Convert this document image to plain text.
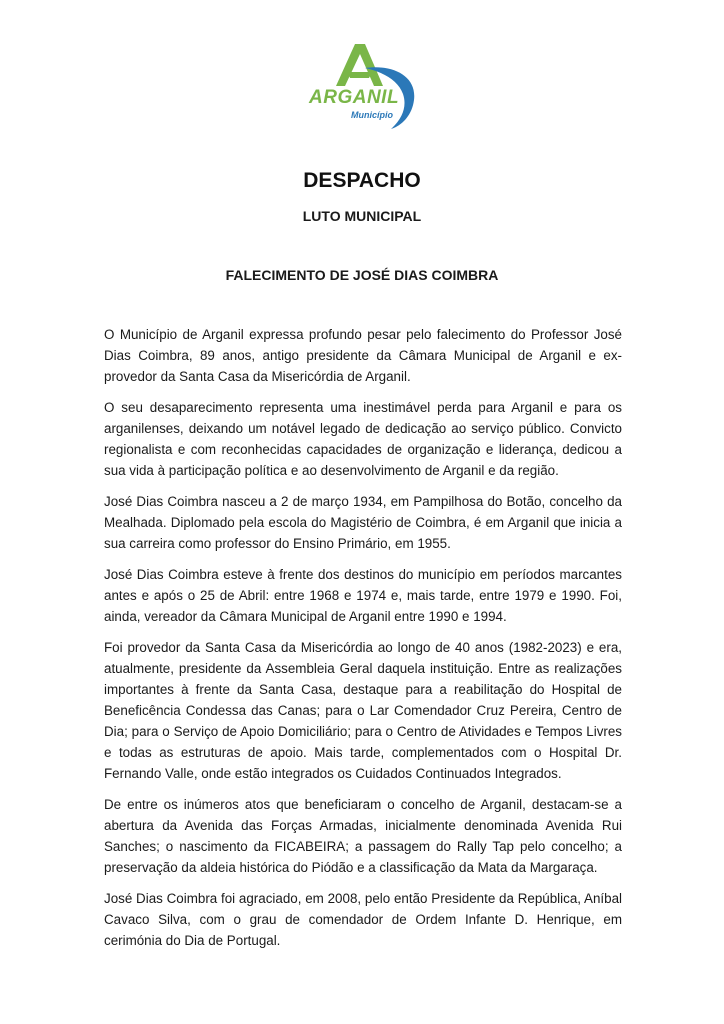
ARGANIL
Município
DESPACHO
LUTO MUNICIPAL
FALECIMENTO DE JOSÉ DIAS COIMBRA

O Município de Arganil expressa profundo pesar pelo falecimento do Professor José Dias Coimbra, 89 anos, antigo presidente da Câmara Municipal de Arganil e ex-provedor da Santa Casa da Misericórdia de Arganil.

O seu desaparecimento representa uma inestimável perda para Arganil e para os arganilenses, deixando um notável legado de dedicação ao serviço público. Convicto regionalista e com reconhecidas capacidades de organização e liderança, dedicou a sua vida à participação política e ao desenvolvimento de Arganil e da região.

José Dias Coimbra nasceu a 2 de março 1934, em Pampilhosa do Botão, concelho da Mealhada. Diplomado pela escola do Magistério de Coimbra, é em Arganil que inicia a sua carreira como professor do Ensino Primário, em 1955.

José Dias Coimbra esteve à frente dos destinos do município em períodos marcantes antes e após o 25 de Abril: entre 1968 e 1974 e, mais tarde, entre 1979 e 1990. Foi, ainda, vereador da Câmara Municipal de Arganil entre 1990 e 1994.

Foi provedor da Santa Casa da Misericórdia ao longo de 40 anos (1982-2023) e era, atualmente, presidente da Assembleia Geral daquela instituição. Entre as realizações importantes à frente da Santa Casa, destaque para a reabilitação do Hospital de Beneficência Condessa das Canas; para o Lar Comendador Cruz Pereira, Centro de Dia; para o Serviço de Apoio Domiciliário; para o Centro de Atividades e Tempos Livres e todas as estruturas de apoio. Mais tarde, complementados com o Hospital Dr. Fernando Valle, onde estão integrados os Cuidados Continuados Integrados.

De entre os inúmeros atos que beneficiaram o concelho de Arganil, destacam-se a abertura da Avenida das Forças Armadas, inicialmente denominada Avenida Rui Sanches; o nascimento da FICABEIRA; a passagem do Rally Tap pelo concelho; a preservação da aldeia histórica do Piódão e a classificação da Mata da Margaraça.

José Dias Coimbra foi agraciado, em 2008, pelo então Presidente da República, Aníbal Cavaco Silva, com o grau de comendador de Ordem Infante D. Henrique, em cerimónia do Dia de Portugal.
